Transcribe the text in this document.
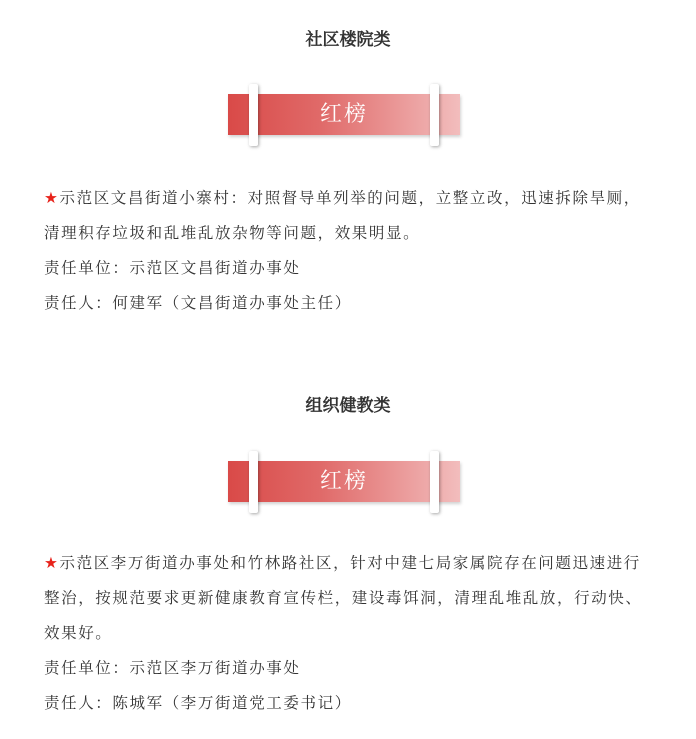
社区楼院类
红榜

★示范区文昌街道小寨村：对照督导单列举的问题，立整立改，迅速拆除旱厕，清理积存垃圾和乱堆乱放杂物等问题，效果明显。

责任单位：示范区文昌街道办事处

责任人：何建军（文昌街道办事处主任）

组织健教类
红榜

★示范区李万街道办事处和竹林路社区，针对中建七局家属院存在问题迅速进行整治，按规范要求更新健康教育宣传栏，建设毒饵洞，清理乱堆乱放，行动快、效果好。

责任单位：示范区李万街道办事处

责任人：陈城军（李万街道党工委书记）
